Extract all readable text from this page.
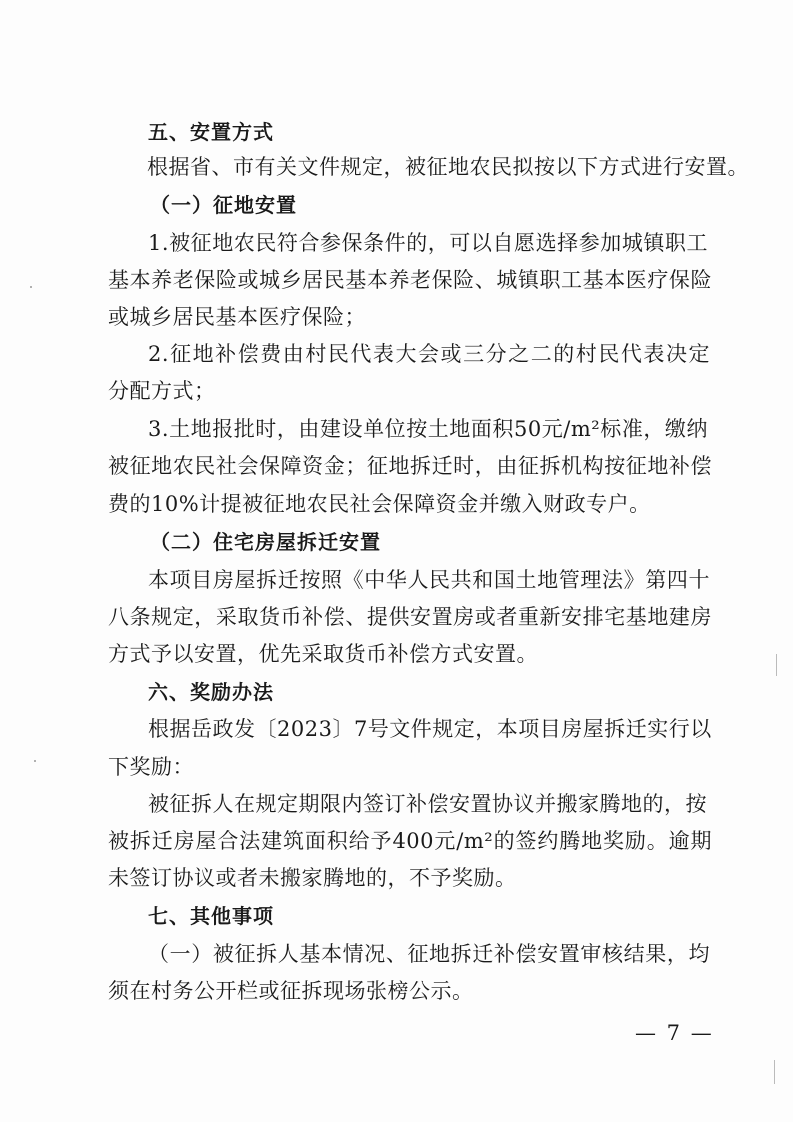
五、安置方式
根据省、市有关文件规定，被征地农民拟按以下方式进行安置。
（一）征地安置
1.被征地农民符合参保条件的，可以自愿选择参加城镇职工
基本养老保险或城乡居民基本养老保险、城镇职工基本医疗保险
或城乡居民基本医疗保险；
2.征地补偿费由村民代表大会或三分之二的村民代表决定
分配方式；
3.土地报批时，由建设单位按土地面积50元/m²标准，缴纳
被征地农民社会保障资金；征地拆迁时，由征拆机构按征地补偿
费的10%计提被征地农民社会保障资金并缴入财政专户。
（二）住宅房屋拆迁安置
本项目房屋拆迁按照《中华人民共和国土地管理法》第四十
八条规定，采取货币补偿、提供安置房或者重新安排宅基地建房
方式予以安置，优先采取货币补偿方式安置。
六、奖励办法
根据岳政发〔2023〕7号文件规定，本项目房屋拆迁实行以
下奖励：
被征拆人在规定期限内签订补偿安置协议并搬家腾地的，按
被拆迁房屋合法建筑面积给予400元/m²的签约腾地奖励。逾期
未签订协议或者未搬家腾地的，不予奖励。
七、其他事项
（一）被征拆人基本情况、征地拆迁补偿安置审核结果，均
须在村务公开栏或征拆现场张榜公示。
— 7 —
